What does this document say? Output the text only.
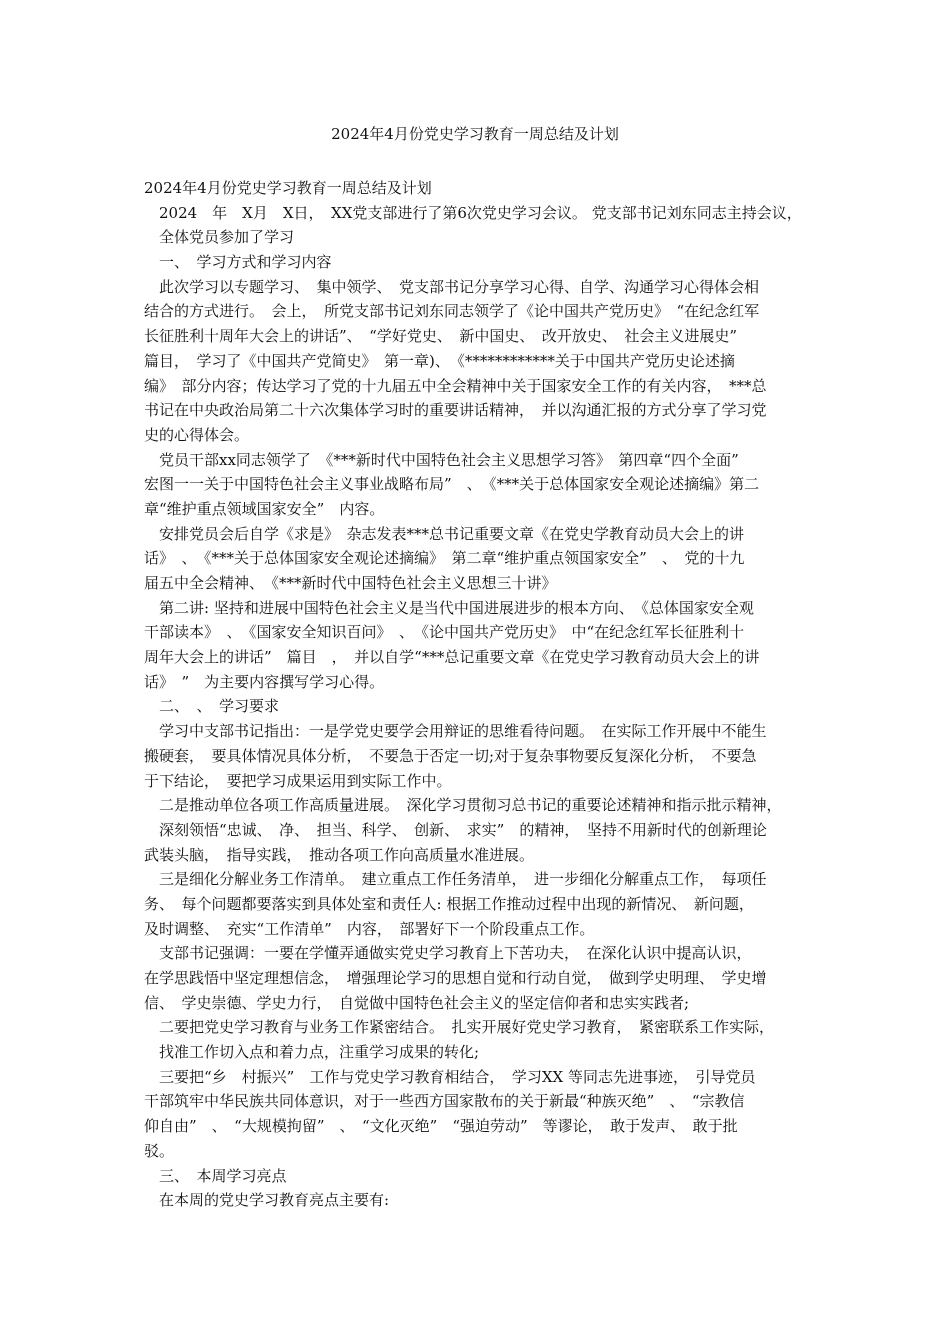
2024年4月份党史学习教育一周总结及计划
2024年4月份党史学习教育一周总结及计划
　2024　年　X月　X日，　XX党支部进行了第6次党史学习会议。 党支部书记刘东同志主持会议，
　全体党员参加了学习
　一、　学习方式和学习内容
　此次学习以专题学习、　集中领学、　党支部书记分享学习心得、自学、沟通学习心得体会相
结合的方式进行。　会上，　所党支部书记刘东同志领学了《论中国共产党历史》　“在纪念红军
长征胜利十周年大会上的讲话”、　“学好党史、　新中国史、　改开放史、　社会主义进展史”
篇目，　学习了《中国共产党简史》　第一章)、　《************关于中国共产党历史论述摘
编》　部分内容；传达学习了党的十九届五中全会精神中关于国家安全工作的有关内容，　***总
书记在中央政治局第二十六次集体学习时的重要讲话精神，　并以沟通汇报的方式分享了学习党
史的心得体会。
　党员干部xx同志领学了　《***新时代中国特色社会主义思想学习答》　第四章“四个全面”
宏图一一关于中国特色社会主义事业战略布局”　、　《***关于总体国家安全观论述摘编》第二
章“维护重点领域国家安全”　内容。
　安排党员会后自学《求是》　杂志发表***总书记重要文章《在党史学教育动员大会上的讲
话》　、　《***关于总体国家安全观论述摘编》　第二章“维护重点领国家安全”　、　党的十九
届五中全会精神、　《***新时代中国特色社会主义思想三十讲》
　第二讲: 坚持和进展中国特色社会主义是当代中国进展进步的根本方向、　《总体国家安全观
干部读本》　、　《国家安全知识百问》　、　《论中国共产党历史》　中“在纪念红军长征胜利十
周年大会上的讲话”　篇目　，　并以自学“***总记重要文章《在党史学习教育动员大会上的讲
话》　”　为主要内容撰写学习心得。
　二、　、　学习要求
　学习中支部书记指出：一是学党史要学会用辩证的思维看待问题。　在实际工作开展中不能生
搬硬套，　要具体情况具体分析，　不要急于否定一切;对于复杂事物要反复深化分析，　不要急
于下结论，　要把学习成果运用到实际工作中。
　二是推动单位各项工作高质量进展。　深化学习贯彻习总书记的重要论述精神和指示批示精神，
　深刻领悟“忠诚、　净、　担当、科学、　创新、　求实”　的精神，　坚持不用新时代的创新理论
武装头脑，　指导实践，　推动各项工作向高质量水准进展。
　三是细化分解业务工作清单。　建立重点工作任务清单，　进一步细化分解重点工作，　每项任
务、　每个问题都要落实到具体处室和责任人: 根据工作推动过程中出现的新情况、　新问题，
及时调整、　充实“工作清单”　内容，　部署好下一个阶段重点工作。
　支部书记强调：一要在学懂弄通做实党史学习教育上下苦功夫，　在深化认识中提高认识，
在学思践悟中坚定理想信念，　增强理论学习的思想自觉和行动自觉，　做到学史明理、　学史增
信、　学史崇德、学史力行，　自觉做中国特色社会主义的坚定信仰者和忠实实践者;
　二要把党史学习教育与业务工作紧密结合。　扎实开展好党史学习教育，　紧密联系工作实际，
　找准工作切入点和着力点，注重学习成果的转化;
　三要把“乡　村振兴”　工作与党史学习教育相结合，　学习XX 等同志先进事迹，　引导党员
干部筑牢中华民族共同体意识，对于一些西方国家散布的关于新最“种族灭绝”　、　“宗教信
仰自由”　、　“大规模拘留”　、　“文化灭绝”　“强迫劳动”　等谬论，　敢于发声、　敢于批
驳。
　三、　本周学习亮点
　在本周的党史学习教育亮点主要有:
